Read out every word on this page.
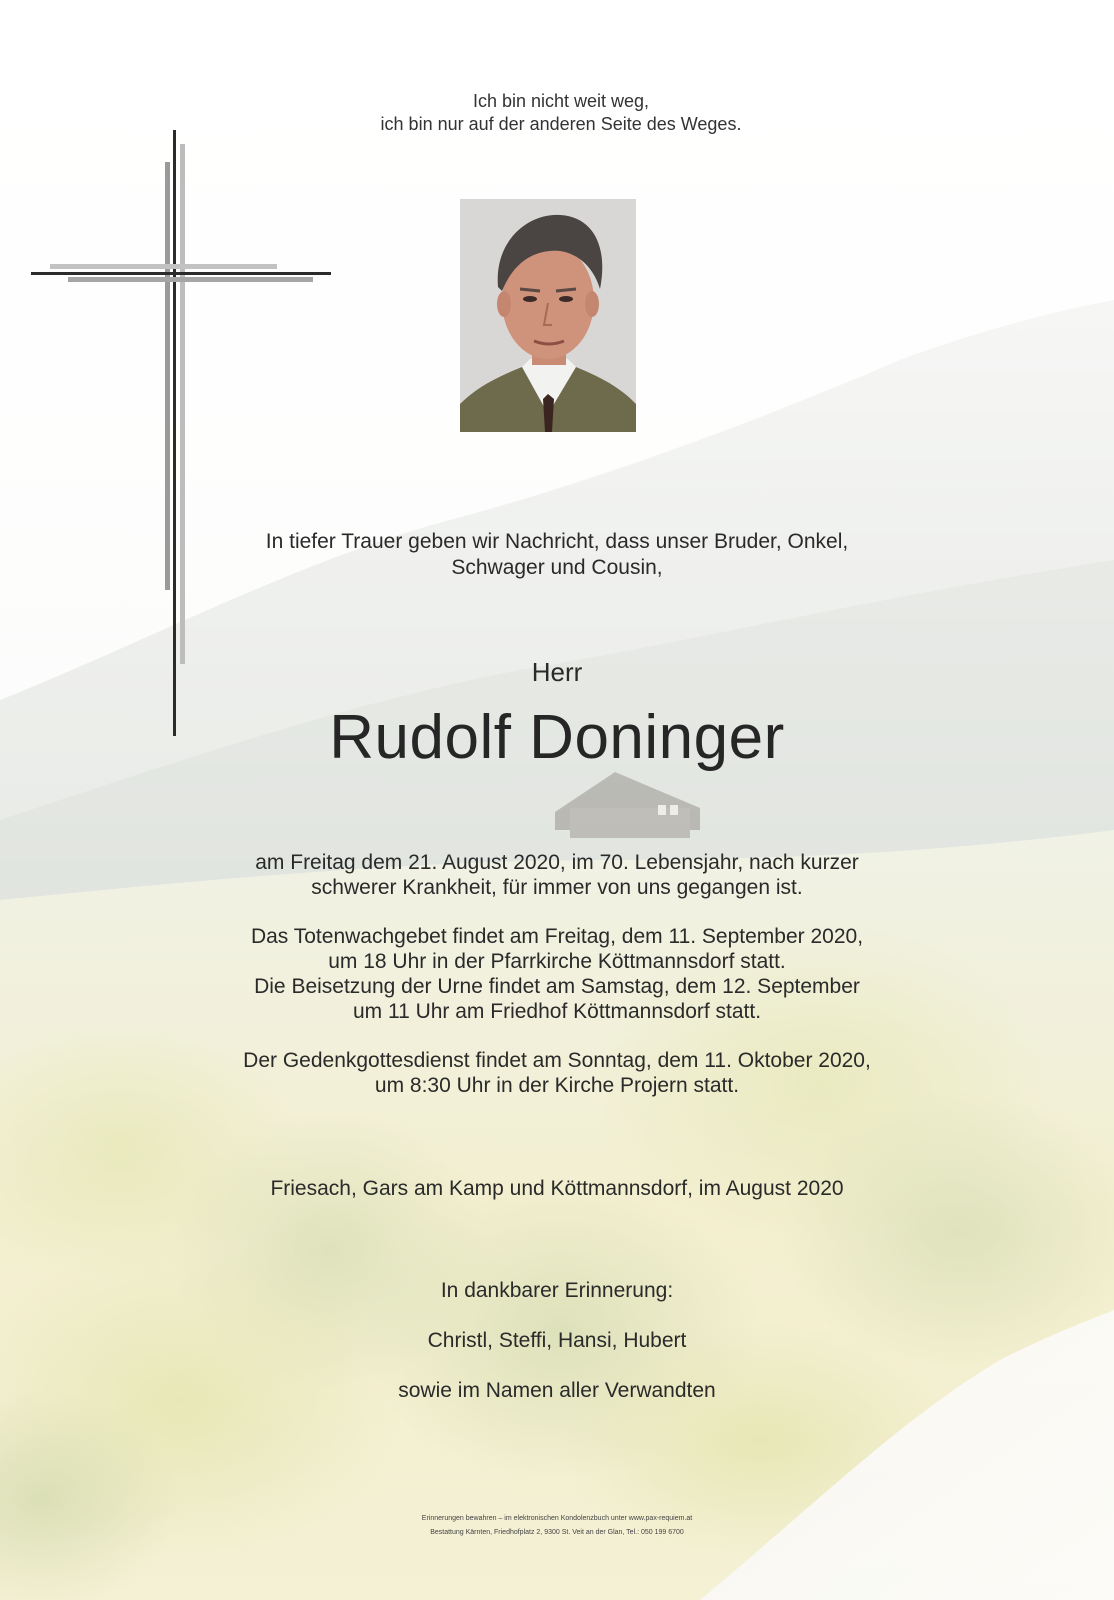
Ich bin nicht weit weg,
ich bin nur auf der anderen Seite des Weges.
In tiefer Trauer geben wir Nachricht, dass unser Bruder, Onkel,
Schwager und Cousin,
Herr
Rudolf Doninger
am Freitag dem 21. August 2020, im 70. Lebensjahr, nach kurzer
schwerer Krankheit, für immer von uns gegangen ist.
Das Totenwachgebet findet am Freitag, dem 11. September 2020,
um 18 Uhr in der Pfarrkirche Köttmannsdorf statt.
Die Beisetzung der Urne findet am Samstag, dem 12. September
um 11 Uhr am Friedhof Köttmannsdorf statt.
Der Gedenkgottesdienst findet am Sonntag, dem 11. Oktober 2020,
um 8:30 Uhr in der Kirche Projern statt.
Friesach, Gars am Kamp und Köttmannsdorf, im August 2020
In dankbarer Erinnerung:
Christl, Steffi, Hansi, Hubert
sowie im Namen aller Verwandten
Erinnerungen bewahren – im elektronischen Kondolenzbuch unter www.pax-requiem.at
Bestattung Kärnten, Friedhofplatz 2, 9300 St. Veit an der Glan, Tel.: 050 199 6700
